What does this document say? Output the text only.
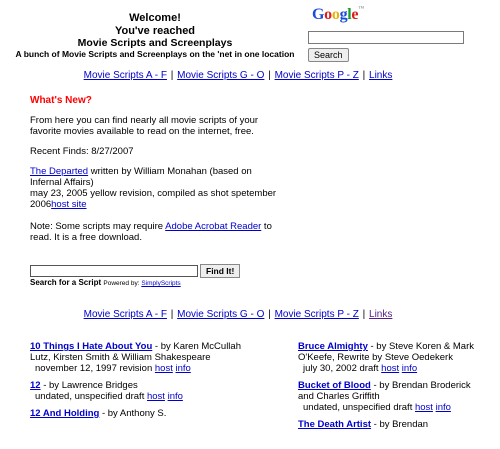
Welcome!
You've reached
Movie Scripts and Screenplays
A bunch of Movie Scripts and Screenplays on the 'net in one location
Google™
Search
Movie Scripts A - F | Movie Scripts G - O | Movie Scripts P - Z | Links
What's New?
From here you can find nearly all movie scripts of your favorite movies available to read on the internet, free.
Recent Finds: 8/27/2007
The Departed written by William Monahan (based on Infernal Affairs)
may 23, 2005 yellow revision, compiled as shot spetember 2006host site
Note: Some scripts may require Adobe Acrobat Reader to read. It is a free download.
Find It!
Search for a Script Powered by: SimplyScripts
Movie Scripts A - F | Movie Scripts G - O | Movie Scripts P - Z | Links
10 Things I Hate About You - by Karen McCullah Lutz, Kirsten Smith & William Shakespeare
november 12, 1997 revision host info
12 - by Lawrence Bridges
undated, unspecified draft host info
12 And Holding - by Anthony S.
Bruce Almighty - by Steve Koren & Mark O'Keefe, Rewrite by Steve Oedekerk
july 30, 2002 draft host info
Bucket of Blood - by Brendan Broderick and Charles Griffith
undated, unspecified draft host info
The Death Artist - by Brendan
